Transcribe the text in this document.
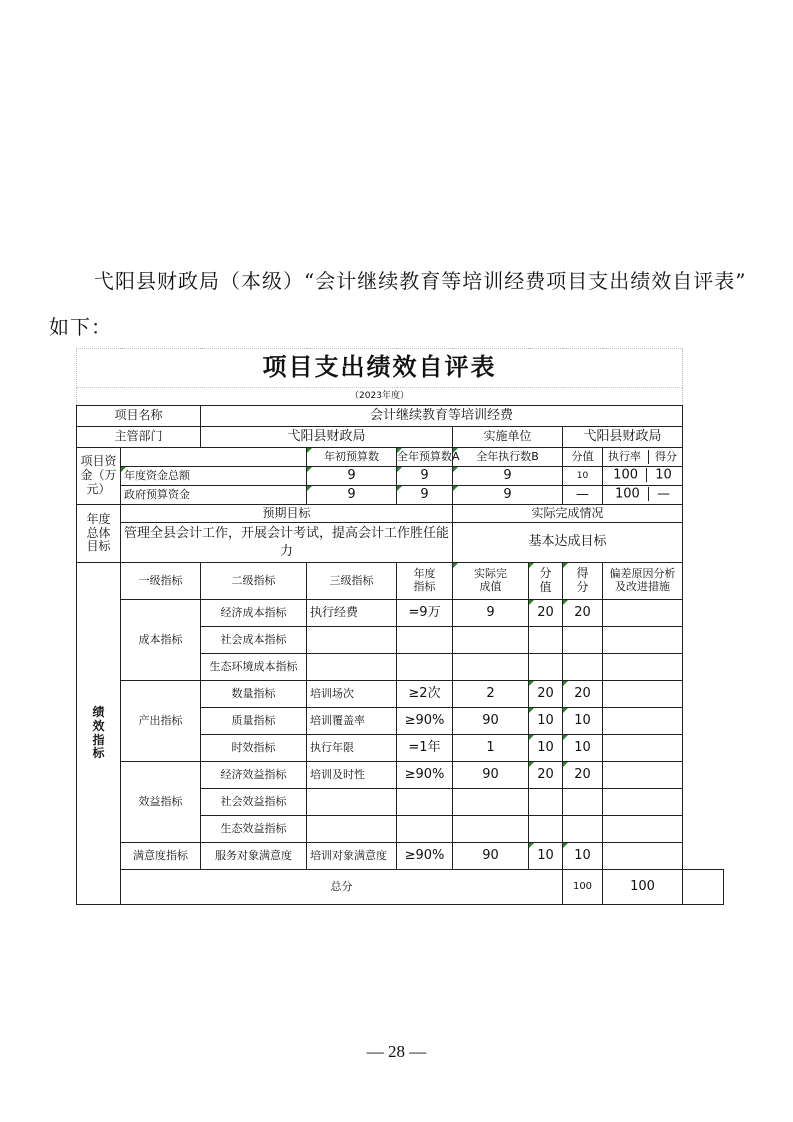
弋阳县财政局（本级）“会计继续教育等培训经费项目支出绩效自评表”
如下：
项目支出绩效自评表									
（2023年度）									
项目名称		会计继续教育等培训经费							
主管部门		弋阳县财政局			实施单位		弋阳县财政局		
项目资金（万元）			年初预算数	全年预算数A	全年执行数B		分值	执行率 得分	
	年度资金总额		9	9	9		10	100 10	
	政府预算资金		9	9	9		—	100 —	
年度总体目标	预期目标				实际完成情况				
	管理全县会计工作，开展会计考试，提高会计工作胜任能力				基本达成目标				
绩效指标	一级指标	二级指标	三级指标	年度指标	实际完成值	分值	得分	偏差原因分析及改进措施	
	成本指标	经济成本指标	执行经费	=9万	9	20	20		
		社会成本指标							
		生态环境成本指标							
	产出指标	数量指标	培训场次	≥2次	2	20	20		
		质量指标	培训覆盖率	≥90%	90	10	10		
		时效指标	执行年限	=1年	1	10	10		
	效益指标	经济效益指标	培训及时性	≥90%	90	20	20		
		社会效益指标							
		生态效益指标							
	满意度指标	服务对象满意度	培训对象满意度	≥90%	90	10	10		
	总分						100	100	
— 28 —
